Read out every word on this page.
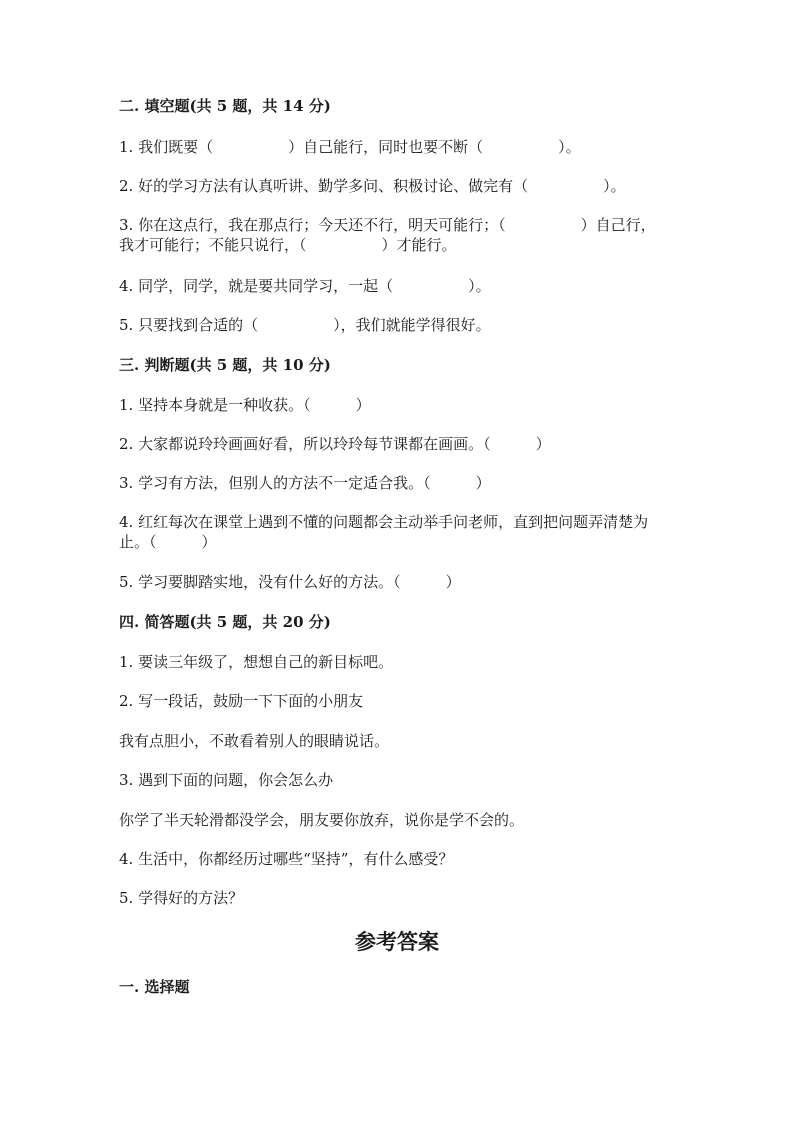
二. 填空题(共 5 题，共 14 分)
1. 我们既要（　　　　　）自己能行，同时也要不断（　　　　　）。
2. 好的学习方法有认真听讲、勤学多问、积极讨论、做完有（　　　　　）。
3. 你在这点行，我在那点行；今天还不行，明天可能行；（　　　　　）自己行，我才可能行；不能只说行，（　　　　　）才能行。
4. 同学，同学，就是要共同学习，一起（　　　　　）。
5. 只要找到合适的（　　　　　），我们就能学得很好。
三. 判断题(共 5 题，共 10 分)
1. 坚持本身就是一种收获。（　　　）
2. 大家都说玲玲画画好看，所以玲玲每节课都在画画。（　　　）
3. 学习有方法，但别人的方法不一定适合我。（　　　）
4. 红红每次在课堂上遇到不懂的问题都会主动举手问老师，直到把问题弄清楚为止。（　　　）
5. 学习要脚踏实地，没有什么好的方法。（　　　）
四. 简答题(共 5 题，共 20 分)
1. 要读三年级了，想想自己的新目标吧。
2. 写一段话，鼓励一下下面的小朋友
我有点胆小，不敢看着别人的眼睛说话。
3. 遇到下面的问题，你会怎么办
你学了半天轮滑都没学会，朋友要你放弃，说你是学不会的。
4. 生活中，你都经历过哪些“坚持”，有什么感受？
5. 学得好的方法？
参考答案
一. 选择题
